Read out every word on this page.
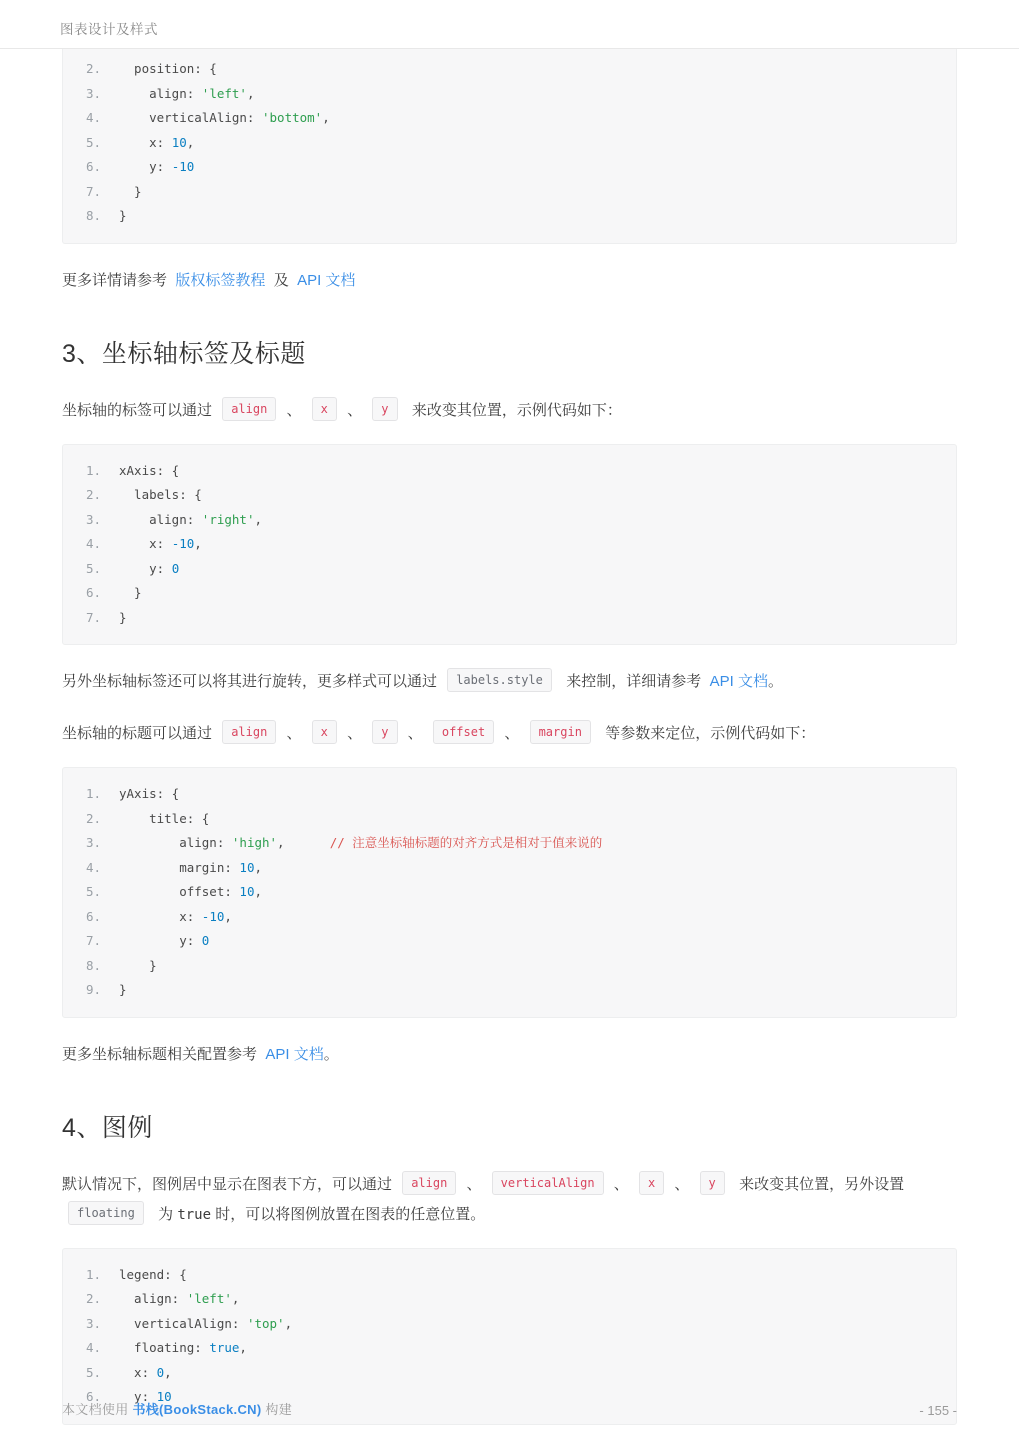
图表设计及样式
2.	position: {
3.	align: 'left',
4.	verticalAlign: 'bottom',
5.	x: 10,
6.	y: -10
7.	}
8.	}

更多详情请参考 版权标签教程 及 API 文档

3、坐标轴标签及标题

坐标轴的标签可以通过 align 、 x 、 y 来改变其位置，示例代码如下：

1.	xAxis: {
2.	labels: {
3.	align: 'right',
4.	x: -10,
5.	y: 0
6.	}
7.	}

另外坐标轴标签还可以将其进行旋转，更多样式可以通过 labels.style 来控制，详细请参考 API 文档。

坐标轴的标题可以通过 align 、 x 、 y 、 offset 、 margin 等参数来定位，示例代码如下：

1.	yAxis: {
2.	title: {
3.	align: 'high',      // 注意坐标轴标题的对齐方式是相对于值来说的
4.	margin: 10,
5.	offset: 10,
6.	x: -10,
7.	y: 0
8.	}
9.	}

更多坐标轴标题相关配置参考 API 文档。

4、图例

默认情况下，图例居中显示在图表下方，可以通过 align 、 verticalAlign 、 x 、 y 来改变其位置，另外设置 floating 为 true 时，可以将图例放置在图表的任意位置。

1.	legend: {
2.	align: 'left',
3.	verticalAlign: 'top',
4.	floating: true,
5.	x: 0,
6.	y: 10
本文档使用 书栈(BookStack.CN) 构建	- 155 -
